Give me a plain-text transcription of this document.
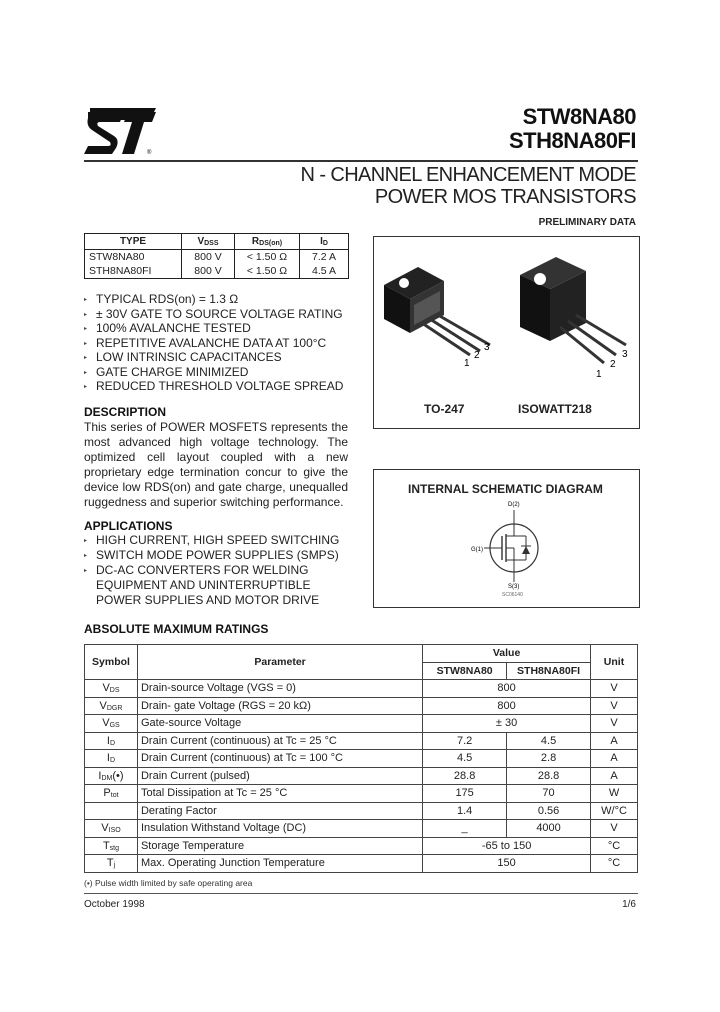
®
STW8NA80
STH8NA80FI
N - CHANNEL ENHANCEMENT MODE
POWER MOS TRANSISTORS
PRELIMINARY DATA
TYPE	$V_{DSS}$	$R_{DS(on)}$	$I_D$
STW8NA80	800 V	< 1.50 Ω	7.2 A
STH8NA80FI	800 V	< 1.50 Ω	4.5 A
▸ TYPICAL RDS(on) = 1.3 Ω
▸ ± 30V GATE TO SOURCE VOLTAGE RATING
▸ 100% AVALANCHE TESTED
▸ REPETITIVE AVALANCHE DATA AT 100°C
▸ LOW INTRINSIC CAPACITANCES
▸ GATE CHARGE MINIMIZED
▸ REDUCED THRESHOLD VOLTAGE SPREAD
DESCRIPTION
This series of POWER MOSFETS represents the most advanced high voltage technology. The optimized cell layout coupled with a new proprietary edge termination concur to give the device low RDS(on) and gate charge, unequalled ruggedness and superior switching performance.
APPLICATIONS
▸ HIGH CURRENT, HIGH SPEED SWITCHING
▸ SWITCH MODE POWER SUPPLIES (SMPS)
▸ DC-AC CONVERTERS FOR WELDING
EQUIPMENT AND UNINTERRUPTIBLE
POWER SUPPLIES AND MOTOR DRIVE
1
2
3
1
2
3
TO-247	ISOWATT218
D(2)
G(1)
S(3)
SC06140
INTERNAL SCHEMATIC DIAGRAM
ABSOLUTE MAXIMUM RATINGS
Symbol	Parameter	Value		Unit
		STW8NA80	STH8NA80FI	
$V_{DS}$	Drain-source Voltage (VGS = 0)	800		V
$V_{DGR}$	Drain- gate Voltage (RGS = 20 kΩ)	800		V
$V_{GS}$	Gate-source Voltage	± 30		V
$I_D$	Drain Current (continuous) at Tc = 25 °C	7.2	4.5	A
$I_D$	Drain Current (continuous) at Tc = 100 °C	4.5	2.8	A
$I_{DM}(•)$	Drain Current (pulsed)	28.8	28.8	A
$P_{tot}$	Total Dissipation at Tc = 25 °C	175	70	W
	Derating Factor	1.4	0.56	W/°C
$V_{ISO}$	Insulation Withstand Voltage (DC)	_	4000	V
$T_{stg}$	Storage Temperature	-65 to 150		°C
$T_j$	Max. Operating Junction Temperature	150		°C
(•) Pulse width limited by safe operating area
October 1998	1/6
